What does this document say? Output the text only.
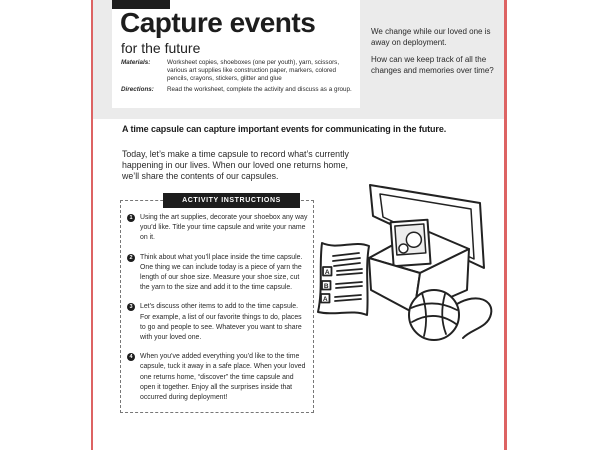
Capture events
for the future
Materials:	Worksheet copies, shoeboxes (one per youth), yarn, scissors, various art supplies like construction paper, markers, colored pencils, crayons, stickers, glitter and glue
Directions:	Read the worksheet, complete the activity and discuss as a group.

We change while our loved one is away on deployment.

How can we keep track of all the changes and memories over time?

A time capsule can capture important events for communicating in the future.
Today, let’s make a time capsule to record what’s currently happening in our lives. When our loved one returns home, we’ll share the contents of our capsules.
ACTIVITY INSTRUCTIONS
1	Using the art supplies, decorate your shoebox any way you’d like. Title your time capsule and write your name on it.
2	Think about what you’ll place inside the time capsule. One thing we can include today is a piece of yarn the length of our shoe size. Measure your shoe size, cut the yarn to the size and add it to the time capsule.
3	Let’s discuss other items to add to the time capsule. For example, a list of our favorite things to do, places to go and people to see. Whatever you want to share with your loved one.
4	When you’ve added everything you’d like to the time capsule, tuck it away in a safe place. When your loved one returns home, “discover” the time capsule and open it together. Enjoy all the surprises inside that occurred during deployment!
A
B
A
